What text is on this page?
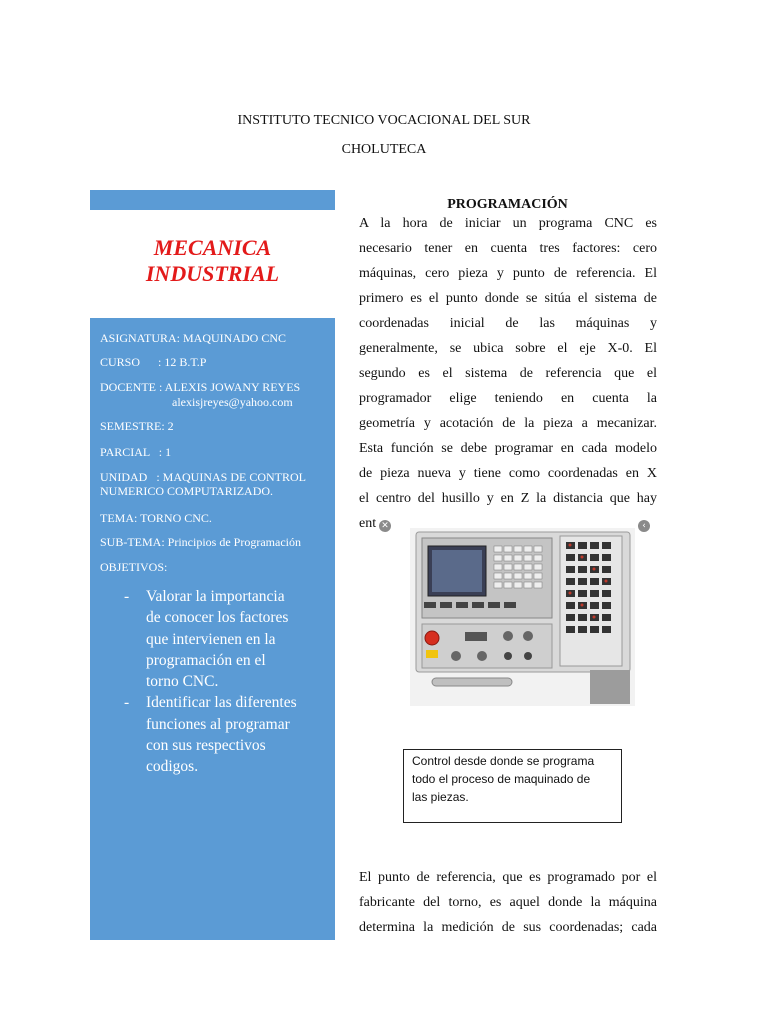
INSTITUTO TECNICO VOCACIONAL DEL SUR
CHOLUTECA
MECANICA
INDUSTRIAL
ASIGNATURA: MAQUINADO CNC
CURSO      : 12 B.T.P
DOCENTE : ALEXIS JOWANY REYES
alexisjreyes@yahoo.com
SEMESTRE: 2
PARCIAL   : 1
UNIDAD   : MAQUINAS DE CONTROL
NUMERICO COMPUTARIZADO.
TEMA: TORNO CNC.
SUB-TEMA: Principios de Programación
OBJETIVOS:
- Valorar la importancia
de conocer los factores
que intervienen en la
programación en el
torno CNC.
- Identificar las diferentes
funciones al programar
con sus respectivos
codigos.
PROGRAMACIÓN
A la hora de iniciar un programa CNC es
necesario tener en cuenta tres factores: cero
máquinas, cero pieza y punto de referencia. El
primero es el punto donde se sitúa el sistema de
coordenadas inicial de las máquinas y
generalmente, se ubica sobre el eje X-0. El
segundo es el sistema de referencia que el
programador elige teniendo en cuenta la
geometría y acotación de la pieza a mecanizar.
Esta función se debe programar en cada modelo
de pieza nueva y tiene como coordenadas en X
el centro del husillo y en Z la distancia que hay
ent ✕	‹
Control desde donde se programa
todo el proceso de maquinado de
las piezas.
El punto de referencia, que es programado por el
fabricante del torno, es aquel donde la máquina
determina la medición de sus coordenadas; cada
